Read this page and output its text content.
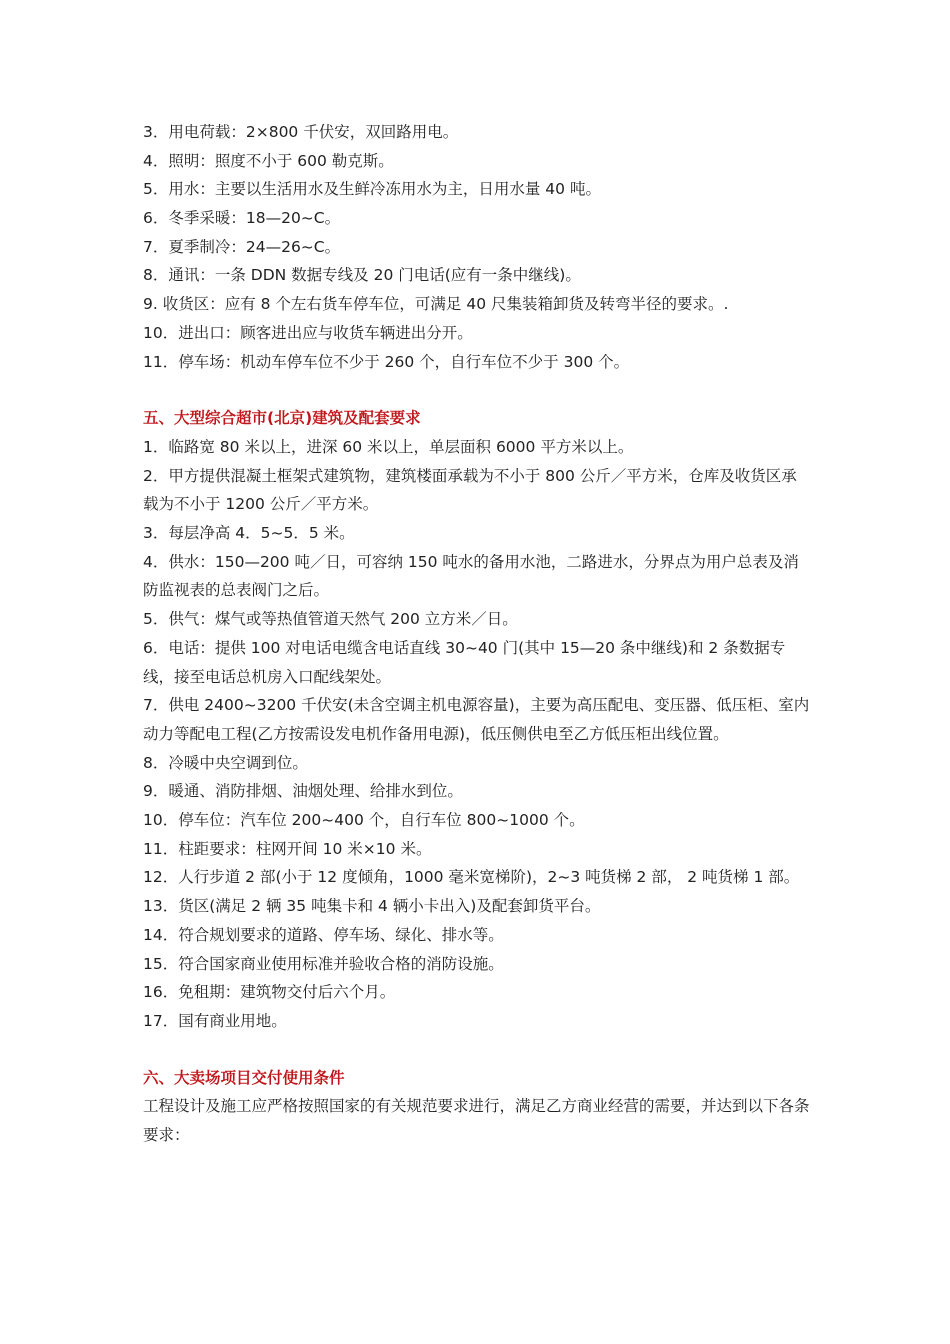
3．用电荷载：2×800 千伏安，双回路用电。
4．照明：照度不小于 600 勒克斯。
5．用水：主要以生活用水及生鲜冷冻用水为主，日用水量 40 吨。
6．冬季采暖：18—20~C。
7．夏季制冷：24—26~C。
8．通讯：一条 DDN 数据专线及 20 门电话(应有一条中继线)。
9. 收货区：应有 8 个左右货车停车位，可满足 40 尺集装箱卸货及转弯半径的要求。.
10．进出口：顾客进出应与收货车辆进出分开。
11．停车场：机动车停车位不少于 260 个，自行车位不少于 300 个。
五、大型综合超市(北京)建筑及配套要求
1．临路宽 80 米以上，进深 60 米以上，单层面积 6000 平方米以上。
2．甲方提供混凝土框架式建筑物，建筑楼面承载为不小于 800 公斤／平方米，仓库及收货区承载为不小于 1200 公斤／平方米。
3．每层净高 4．5~5．5 米。
4．供水：150—200 吨／日，可容纳 150 吨水的备用水池，二路进水，分界点为用户总表及消防监视表的总表阀门之后。
5．供气：煤气或等热值管道天然气 200 立方米／日。
6．电话：提供 100 对电话电缆含电话直线 30~40 门(其中 15—20 条中继线)和 2 条数据专线，接至电话总机房入口配线架处。
7．供电 2400~3200 千伏安(未含空调主机电源容量)，主要为高压配电、变压器、低压柜、室内动力等配电工程(乙方按需设发电机作备用电源)，低压侧供电至乙方低压柜出线位置。
8．冷暖中央空调到位。
9．暖通、消防排烟、油烟处理、给排水到位。
10．停车位：汽车位 200~400 个，自行车位 800~1000 个。
11．柱距要求：柱网开间 10 米×10 米。
12．人行步道 2 部(小于 12 度倾角，1000 毫米宽梯阶)，2~3 吨货梯 2 部， 2 吨货梯 1 部。
13．货区(满足 2 辆 35 吨集卡和 4 辆小卡出入)及配套卸货平台。
14．符合规划要求的道路、停车场、绿化、排水等。
15．符合国家商业使用标准并验收合格的消防设施。
16．免租期：建筑物交付后六个月。
17．国有商业用地。
六、大卖场项目交付使用条件
工程设计及施工应严格按照国家的有关规范要求进行，满足乙方商业经营的需要，并达到以下各条要求：
